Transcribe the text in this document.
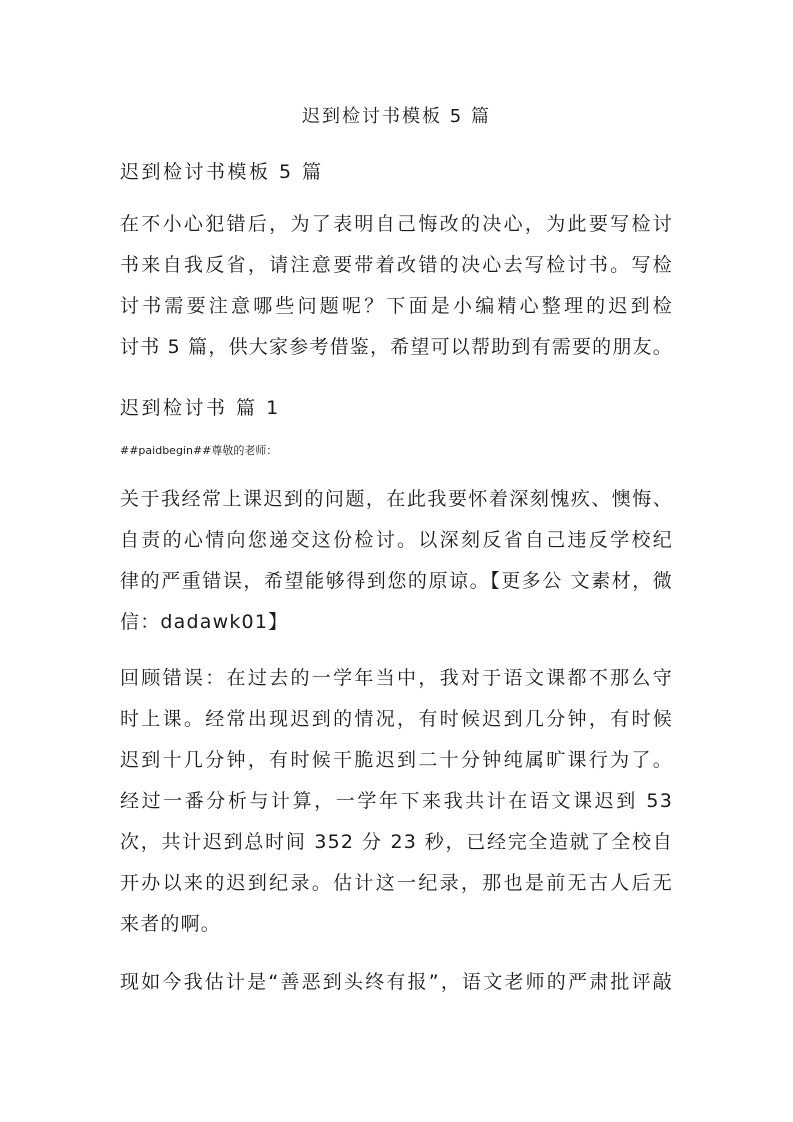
迟到检讨书模板 5 篇
迟到检讨书模板 5 篇
在不小心犯错后，为了表明自己悔改的决心，为此要写检讨
书来自我反省，请注意要带着改错的决心去写检讨书。写检
讨书需要注意哪些问题呢？下面是小编精心整理的迟到检
讨书 5 篇，供大家参考借鉴，希望可以帮助到有需要的朋友。
迟到检讨书 篇 1
##paidbegin##尊敬的老师：
关于我经常上课迟到的问题，在此我要怀着深刻愧疚、懊悔、
自责的心情向您递交这份检讨。以深刻反省自己违反学校纪
律的严重错误，希望能够得到您的原谅。【更多公 文素材，微
信：dadawk01】
回顾错误：在过去的一学年当中，我对于语文课都不那么守
时上课。经常出现迟到的情况，有时候迟到几分钟，有时候
迟到十几分钟，有时候干脆迟到二十分钟纯属旷课行为了。
经过一番分析与计算，一学年下来我共计在语文课迟到 53
次，共计迟到总时间 352 分 23 秒，已经完全造就了全校自
开办以来的迟到纪录。估计这一纪录，那也是前无古人后无
来者的啊。
现如今我估计是“善恶到头终有报”，语文老师的严肃批评敲
